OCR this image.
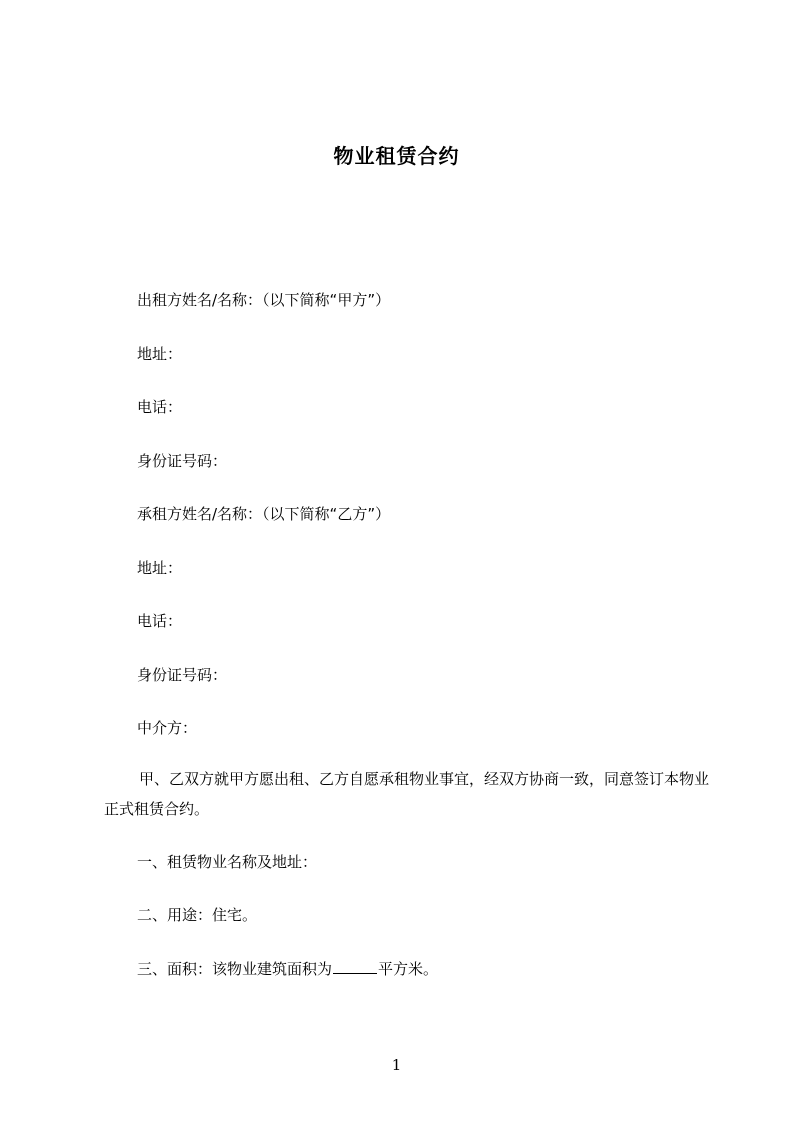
物业租赁合约
出租方姓名/名称：（以下简称“甲方”）
地址：
电话：
身份证号码：
承租方姓名/名称：（以下简称“乙方”）
地址：
电话：
身份证号码：
中介方：
甲、乙双方就甲方愿出租、乙方自愿承租物业事宜，经双方协商一致，同意签订本物业正式租赁合约。
一、租赁物业名称及地址：
二、用途：住宅。
三、面积：该物业建筑面积为	平方米。
1
